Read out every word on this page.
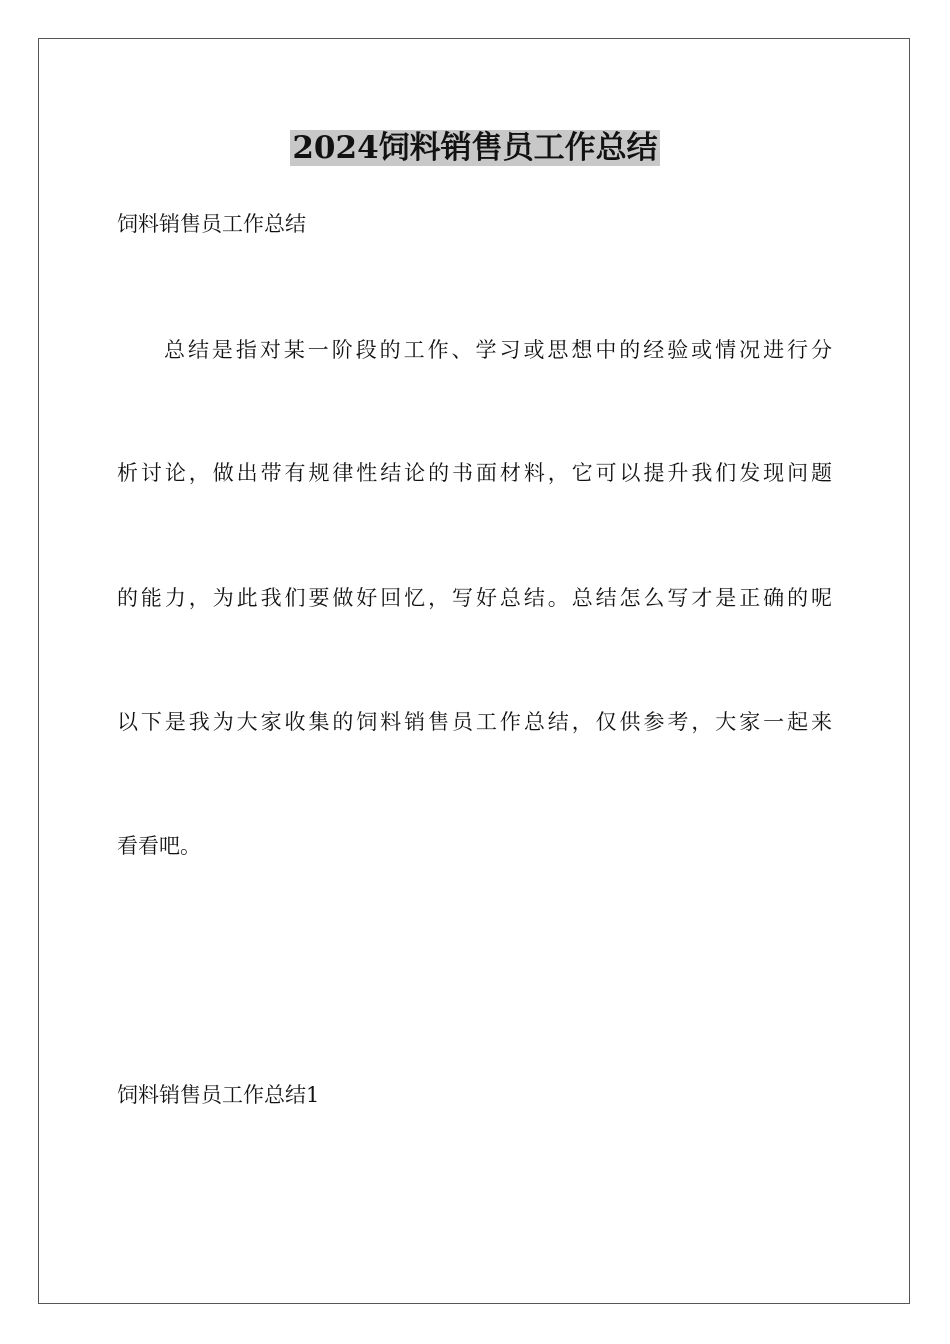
2024饲料销售员工作总结
饲料销售员工作总结
总结是指对某一阶段的工作、学习或思想中的经验或情况进行分
析讨论，做出带有规律性结论的书面材料，它可以提升我们发现问题
的能力，为此我们要做好回忆，写好总结。总结怎么写才是正确的呢
以下是我为大家收集的饲料销售员工作总结，仅供参考，大家一起来
看看吧。
饲料销售员工作总结1
